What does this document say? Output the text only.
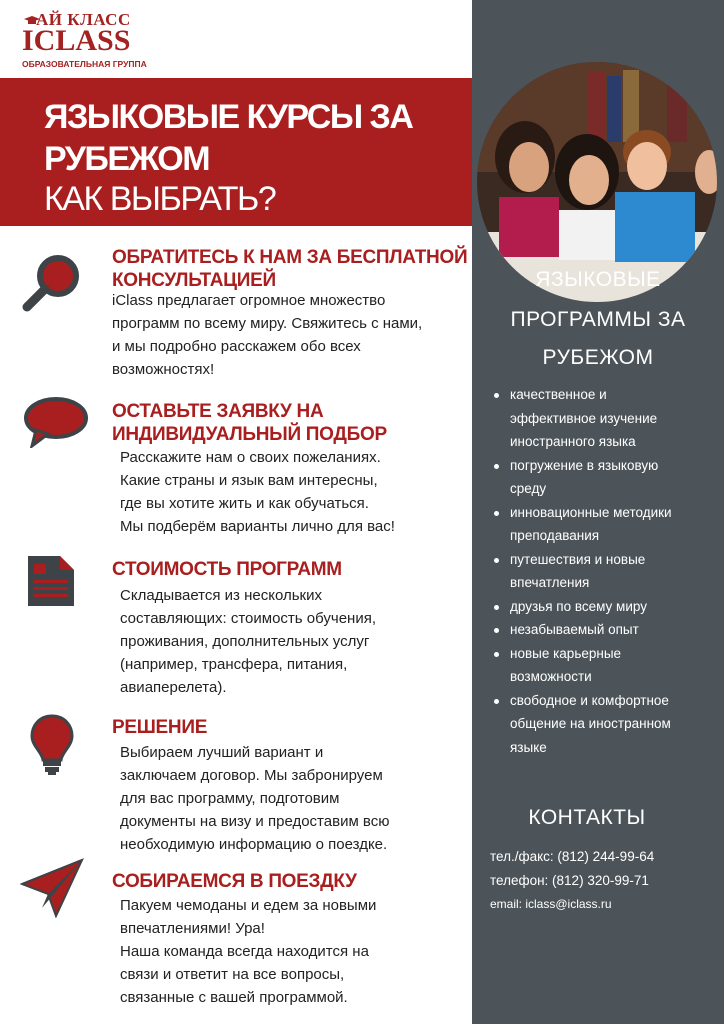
АЙ КЛАСС
ICLASS
ОБРАЗОВАТЕЛЬНАЯ ГРУППА
ЯЗЫКОВЫЕ КУРСЫ ЗА
РУБЕЖОМ
КАК ВЫБРАТЬ?
ЯЗЫКОВЫЕ
ПРОГРАММЫ ЗА
РУБЕЖОМ
качественное и
эффективное изучение
иностранного языка
погружение в языковую
среду
инновационные методики
преподавания
путешествия и новые
впечатления
друзья по всему миру
незабываемый опыт
новые карьерные
возможности
свободное и комфортное
общение на иностранном
языке
КОНТАКТЫ
тел./факс: (812) 244-99-64
телефон: (812) 320-99-71
email: iclass@iclass.ru
ОБРАТИТЕСЬ К НАМ ЗА БЕСПЛАТНОЙ
КОНСУЛЬТАЦИЕЙ
iClass предлагает огромное множество
программ по всему миру. Свяжитесь с нами,
и мы подробно расскажем обо всех
возможностях!
ОСТАВЬТЕ ЗАЯВКУ НА
ИНДИВИДУАЛЬНЫЙ ПОДБОР
Расскажите нам о своих пожеланиях.
Какие страны и язык вам интересны,
где вы хотите жить и как обучаться.
Мы подберём варианты лично для вас!
СТОИМОСТЬ ПРОГРАММ
Складывается из нескольких
составляющих: стоимость обучения,
проживания, дополнительных услуг
(например, трансфера, питания,
авиаперелета).
РЕШЕНИЕ
Выбираем лучший вариант и
заключаем договор. Мы забронируем
для вас программу, подготовим
документы на визу и предоставим всю
необходимую информацию о поездке.
СОБИРАЕМСЯ В ПОЕЗДКУ
Пакуем чемоданы и едем за новыми
впечатлениями! Ура!
Наша команда всегда находится на
связи и ответит на все вопросы,
связанные с вашей программой.
